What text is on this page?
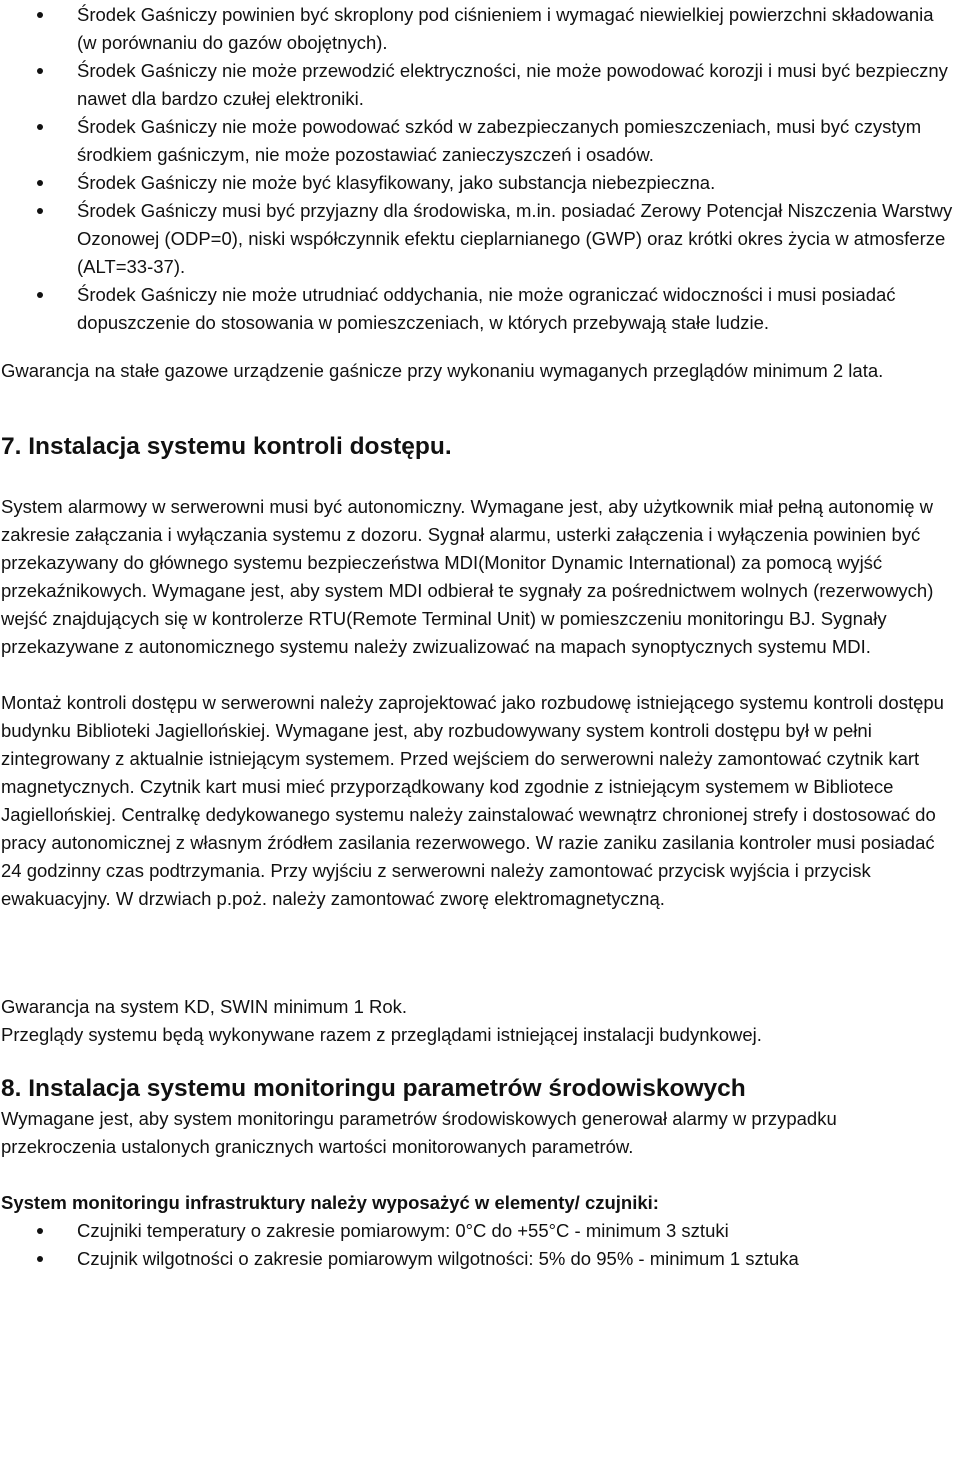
Środek Gaśniczy powinien być skroplony pod ciśnieniem i wymagać niewielkiej powierzchni składowania (w porównaniu do gazów obojętnych).
Środek Gaśniczy nie może przewodzić elektryczności, nie może powodować korozji i musi być bezpieczny nawet dla bardzo czułej elektroniki.
Środek Gaśniczy nie może powodować szkód w zabezpieczanych pomieszczeniach, musi być czystym środkiem gaśniczym, nie może pozostawiać zanieczyszczeń i osadów.
Środek Gaśniczy nie może być klasyfikowany, jako substancja niebezpieczna.
Środek Gaśniczy musi być przyjazny dla środowiska, m.in. posiadać Zerowy Potencjał Niszczenia Warstwy Ozonowej (ODP=0), niski współczynnik efektu cieplarnianego (GWP) oraz krótki okres życia w atmosferze (ALT=33-37).
Środek Gaśniczy nie może utrudniać oddychania, nie może ograniczać widoczności i musi posiadać dopuszczenie do stosowania w pomieszczeniach, w których przebywają stałe ludzie.

Gwarancja na stałe gazowe urządzenie gaśnicze przy wykonaniu wymaganych przeglądów minimum 2 lata.

7. Instalacja systemu kontroli dostępu.

System alarmowy w serwerowni musi być autonomiczny. Wymagane jest, aby użytkownik miał pełną autonomię w zakresie załączania i wyłączania systemu z dozoru. Sygnał alarmu, usterki załączenia i wyłączenia powinien być przekazywany do głównego systemu bezpieczeństwa MDI(Monitor Dynamic International) za pomocą wyjść przekaźnikowych. Wymagane jest, aby system MDI odbierał te sygnały za pośrednictwem wolnych (rezerwowych) wejść znajdujących się w kontrolerze RTU(Remote Terminal Unit) w pomieszczeniu monitoringu BJ. Sygnały przekazywane z autonomicznego systemu należy zwizualizować na mapach synoptycznych systemu MDI.

Montaż kontroli dostępu w serwerowni należy zaprojektować jako rozbudowę istniejącego systemu kontroli dostępu budynku Biblioteki Jagiellońskiej. Wymagane jest, aby rozbudowywany system kontroli dostępu był w pełni zintegrowany z aktualnie istniejącym systemem. Przed wejściem do serwerowni należy zamontować czytnik kart magnetycznych. Czytnik kart musi mieć przyporządkowany kod zgodnie z istniejącym systemem w Bibliotece Jagiellońskiej. Centralkę dedykowanego systemu należy zainstalować wewnątrz chronionej strefy i dostosować do pracy autonomicznej z własnym źródłem zasilania rezerwowego. W razie zaniku zasilania kontroler musi posiadać 24 godzinny czas podtrzymania. Przy wyjściu z serwerowni należy zamontować przycisk wyjścia i przycisk ewakuacyjny. W drzwiach p.poż. należy zamontować zworę elektromagnetyczną.

Gwarancja na system KD, SWIN minimum 1 Rok.

Przeglądy systemu będą wykonywane razem z przeglądami istniejącej instalacji budynkowej.

8. Instalacja systemu monitoringu parametrów środowiskowych

Wymagane jest, aby system monitoringu parametrów środowiskowych generował alarmy w przypadku przekroczenia ustalonych granicznych wartości monitorowanych parametrów.

System monitoringu infrastruktury należy wyposażyć w elementy/ czujniki:

Czujniki temperatury o zakresie pomiarowym: 0°C do +55°C - minimum 3 sztuki
Czujnik wilgotności o zakresie pomiarowym wilgotności: 5% do 95% - minimum 1 sztuka
